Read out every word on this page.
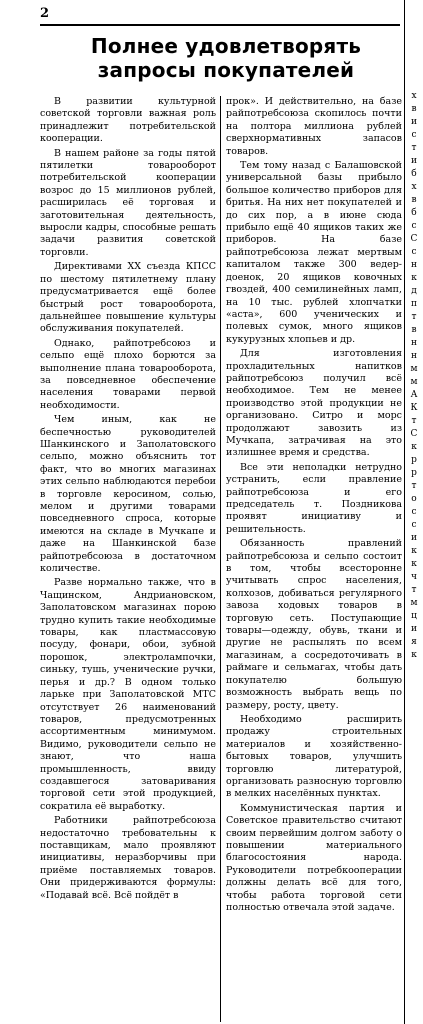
2
Полнее удовлетворять
запросы покупателей

В развитии культурной советской торговли важная роль принадлежит потребительской кооперации.

В нашем районе за годы пятой пятилетки товарооборот потребительской кооперации возрос до 15 миллионов рублей, расширилась её торговая и заготовительная деятельность, выросли кадры, способные решать задачи развития советской торговли.

Директивами XX съезда КПСС по шестому пятилетнему плану предусматривается ещё более быстрый рост товарооборота, дальнейшее повышение культуры обслуживания покупателей.

Однако, райпотребсоюз и сельпо ещё плохо борются за выполнение плана товарооборота, за повседневное обеспечение населения товарами первой необходимости.

Чем иным, как не беспечностью руководителей Шанкинского и Заполатовского сельпо, можно объяснить тот факт, что во многих магазинах этих сельпо наблюдаются перебои в торговле керосином, солью, мелом и другими товарами повседневного спроса, которые имеются на складе в Мучкапе и даже на Шанкинской базе райпотребсоюза в достаточном количестве.

Разве нормально также, что в Чащинском, Андриановском, Заполатовском магазинах порою трудно купить такие необходимые товары, как пластмассовую посуду, фонари, обои, зубной порошок, электролампочки, синьку, тушь, ученические ручки, перья и др.? В одном только ларьке при Заполатовской МТС отсутствует 26 наименований товаров, предусмотренных ассортиментным минимумом. Видимо, руководители сельпо не знают, что наша промышленность, ввиду создавшегося затоваривания торговой сети этой продукцией, сократила её выработку.

Работники райпотребсоюза недостаточно требовательны к поставщикам, мало проявляют инициативы, неразборчивы при приёме поставляемых товаров. Они придерживаются формулы: «Подавай всё. Всё пойдёт в

прок». И действительно, на базе райпотребсоюза скопилось почти на полтора миллиона рублей сверхнормативных запасов товаров.

Тем тому назад с Балашовской универсальной базы прибыло большое количество приборов для бритья. На них нет покупателей и до сих пор, а в июне сюда прибыло ещё 40 ящиков таких же приборов. На базе райпотребсоюза лежат мертвым капиталом также 300 ведер-доенок, 20 ящиков ковочных гвоздей, 400 семилинейных ламп, на 10 тыс. рублей хлопчатки «аста», 600 ученических и полевых сумок, много ящиков кукурузных хлопьев и др.

Для изготовления прохладительных напитков райпотребсоюз получил всё необходимое. Тем не менее производство этой продукции не организовано. Ситро и морс продолжают завозить из Мучкапа, затрачивая на это излишнее время и средства.

Все эти неполадки нетрудно устранить, если правление райпотребсоюза и его председатель т. Поздникова проявят инициативу и решительность.

Обязанность правлений райпотребсоюза и сельпо состоит в том, чтобы всесторонне учитывать спрос населения, колхозов, добиваться регулярного завоза ходовых товаров в торговую сеть. Поступающие товары—одежду, обувь, ткани и другие не распылять по всем магазинам, а сосредоточивать в раймаге и сельмагах, чтобы дать покупателю большую возможность выбрать вещь по размеру, росту, цвету.

Необходимо расширить продажу строительных материалов и хозяйственно-бытовых товаров, улучшить торговлю литературой, организовать разносную торговлю в мелких населённых пунктах.

Коммунистическая партия и Советское правительство считают своим первейшим долгом заботу о повышении материального благосостояния народа. Руководители потребкооперации должны делать всё для того, чтобы работа торговой сети полностью отвечала этой задаче.

х
в
и
с
т
и
б
х
в
б
с
С
с
н
к
д
п
т
в
н
н
м
м
А
К
т
С
к
р
р
т
о
с
с
и
к
к
ч
т
м
ц
и
я
к
